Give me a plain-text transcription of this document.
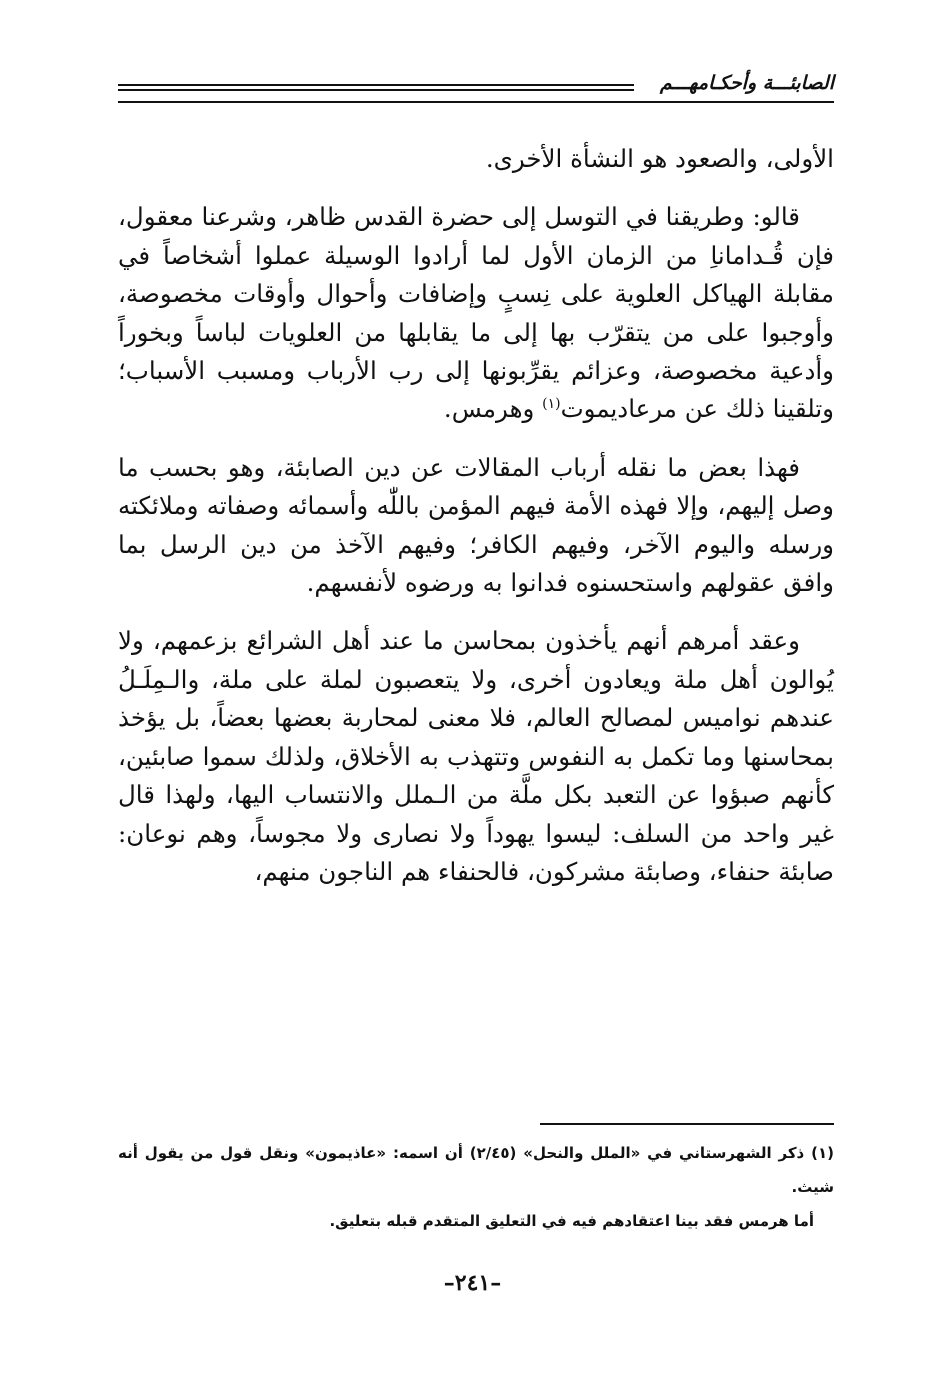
الصابئـــة وأحكـامهـــم

الأولى، والصعود هو النشأة الأخرى.

قالو: وطريقنا في التوسل إلى حضرة القدس ظاهر، وشرعنا معقول، فإن قُـداماناِ من الزمان الأول لما أرادوا الوسيلة عملوا أشخاصاً في مقابلة الهياكل العلوية على نِسبٍ وإضافات وأحوال وأوقات مخصوصة، وأوجبوا على من يتقرّب بها إلى ما يقابلها من العلويات لباساً وبخوراً وأدعية مخصوصة، وعزائم يقرِّبونها إلى رب الأرباب ومسبب الأسباب؛ وتلقينا ذلك عن مرعاديموت$^{(١)}$ وهرمس.

فهذا بعض ما نقله أرباب المقالات عن دين الصابئة، وهو بحسب ما وصل إليهم، وإلا فهذه الأمة فيهم المؤمن باللّٰه وأسمائه وصفاته وملائكته ورسله واليوم الآخر، وفيهم الكافر؛ وفيهم الآخذ من دين الرسل بما وافق عقولهم واستحسنوه فدانوا به ورضوه لأنفسهم.

وعقد أمرهم أنهم يأخذون بمحاسن ما عند أهل الشرائع بزعمهم، ولا يُوالون أهل ملة ويعادون أخرى، ولا يتعصبون لملة على ملة، والـمِلَـلُ عندهم نواميس لمصالح العالم، فلا معنى لمحاربة بعضها بعضاً، بل يؤخذ بمحاسنها وما تكمل به النفوس وتتهذب به الأخلاق، ولذلك سموا صابئين، كأنهم صبؤوا عن التعبد بكل ملَّة من الـملل والانتساب اليها، ولهذا قال غير واحد من السلف: ليسوا يهوداً ولا نصارى ولا مجوساً، وهم نوعان: صابئة حنفاء، وصابئة مشركون، فالحنفاء هم الناجون منهم،

(١) ذكر الشهرستاني في «الملل والنحل» (٢/٤٥) أن اسمه: «عاذيمون» ونقل قول من يقول أنه شيث.

أما هرمس فقد بينا اعتقادهم فيه في التعليق المتقدم قبله بتعليق.

–٢٤١–
